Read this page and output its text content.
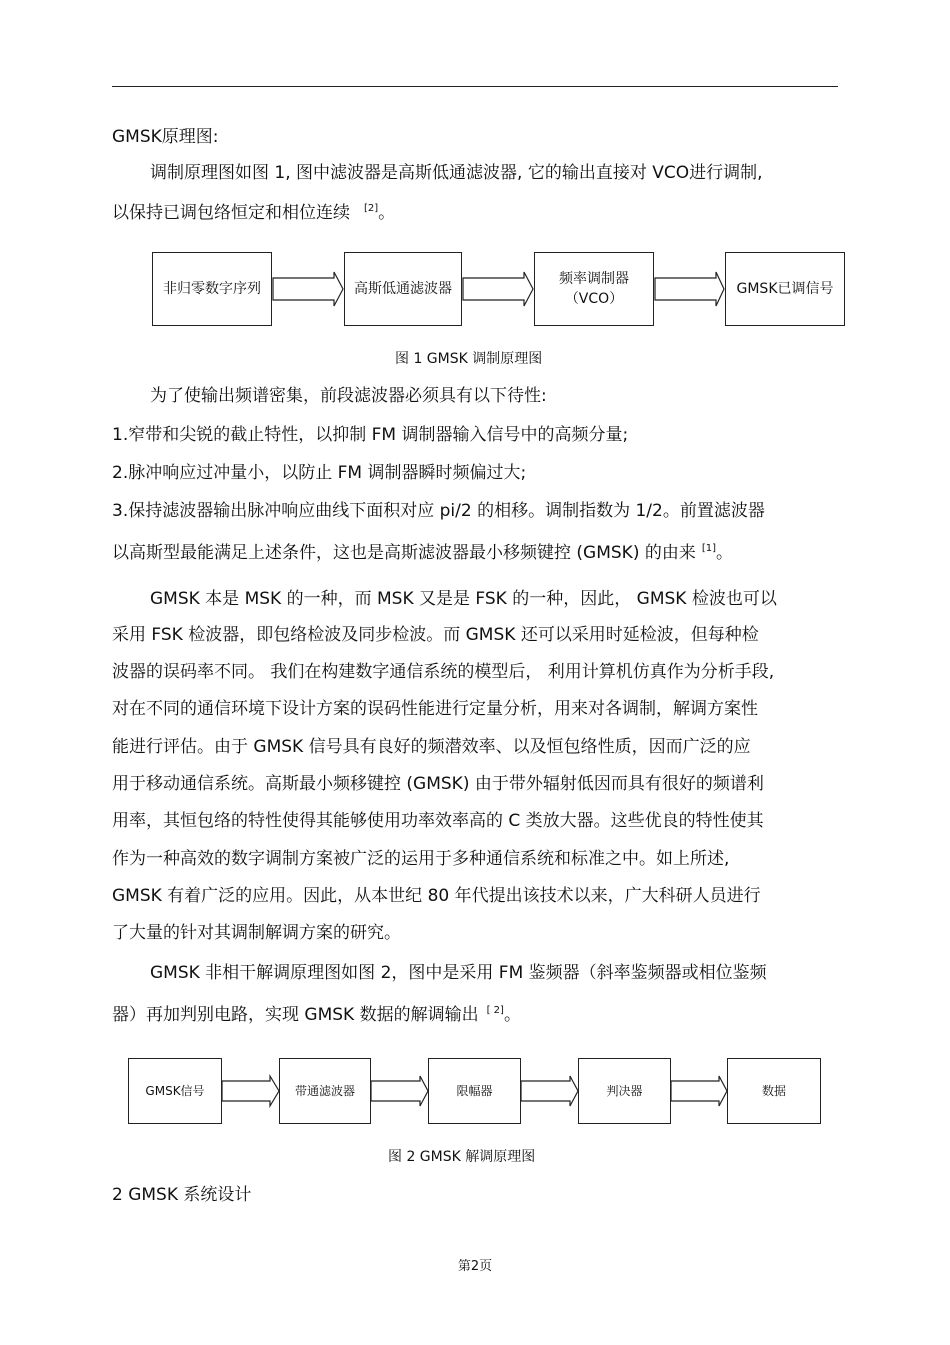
GMSK原理图:
调制原理图如图 1, 图中滤波器是高斯低通滤波器, 它的输出直接对 VCO进行调制,
以保持已调包络恒定和相位连续 [2]。
非归零数字序列	高斯低通滤波器
频率调制器
（VCO）
GMSK已调信号
图 1 GMSK 调制原理图
为了使输出频谱密集，前段滤波器必须具有以下待性:
1.窄带和尖锐的截止特性，以抑制 FM 调制器输入信号中的高频分量;
2.脉冲响应过冲量小，以防止 FM 调制器瞬时频偏过大;
3.保持滤波器输出脉冲响应曲线下面积对应 pi/2 的相移。调制指数为 1/2。前置滤波器
以高斯型最能满足上述条件，这也是高斯滤波器最小移频键控 (GMSK) 的由来 [1]。
GMSK 本是 MSK 的一种，而 MSK 又是是 FSK 的一种，因此， GMSK 检波也可以
采用 FSK 检波器，即包络检波及同步检波。而 GMSK 还可以采用时延检波，但每种检
波器的误码率不同。 我们在构建数字通信系统的模型后， 利用计算机仿真作为分析手段,
对在不同的通信环境下设计方案的误码性能进行定量分析，用来对各调制，解调方案性
能进行评估。由于 GMSK 信号具有良好的频潜效率、以及恒包络性质，因而广泛的应
用于移动通信系统。高斯最小频移键控 (GMSK) 由于带外辐射低因而具有很好的频谱利
用率，其恒包络的特性使得其能够使用功率效率高的 C 类放大器。这些优良的特性使其
作为一种高效的数字调制方案被广泛的运用于多种通信系统和标准之中。如上所述,
GMSK 有着广泛的应用。因此，从本世纪 80 年代提出该技术以来，广大科研人员进行
了大量的针对其调制解调方案的研究。
GMSK 非相干解调原理图如图 2，图中是采用 FM 鉴频器（斜率鉴频器或相位鉴频
器）再加判别电路，实现 GMSK 数据的解调输出 [ 2]。
GMSK信号	带通滤波器	限幅器	判决器	数据
图 2 GMSK 解调原理图
2 GMSK 系统设计
第2页
